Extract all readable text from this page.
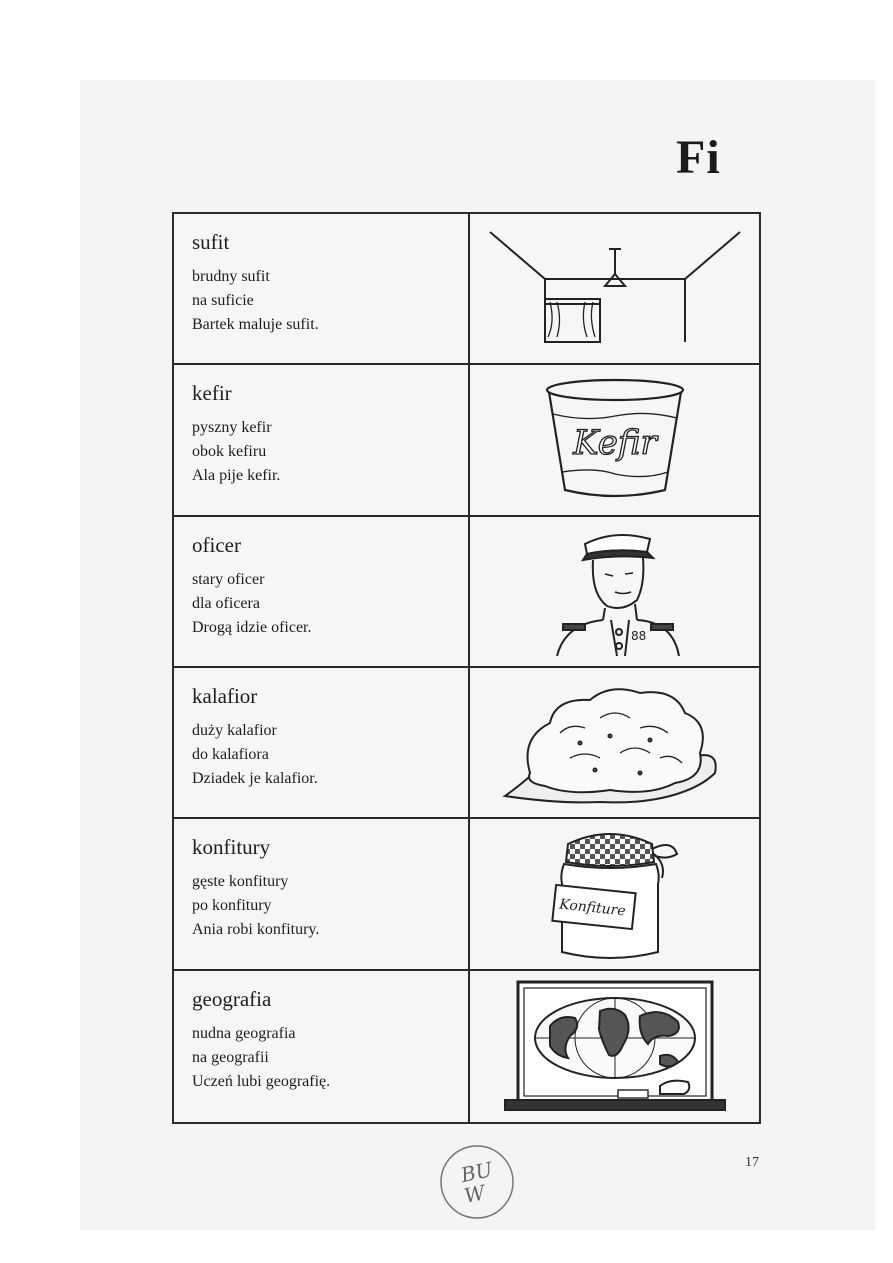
Fi
sufit
brudny sufit
na suficie
Bartek maluje sufit.
kefir
pyszny kefir
obok kefiru
Ala pije kefir.
Kefir
oficer
stary oficer
dla oficera
Drogą idzie oficer.
88
kalafior
duży kalafior
do kalafiora
Dziadek je kalafior.
konfitury
gęste konfitury
po konfitury
Ania robi konfitury.
Konfiture
geografia
nudna geografia
na geografii
Uczeń lubi geografię.
17
BU
W
